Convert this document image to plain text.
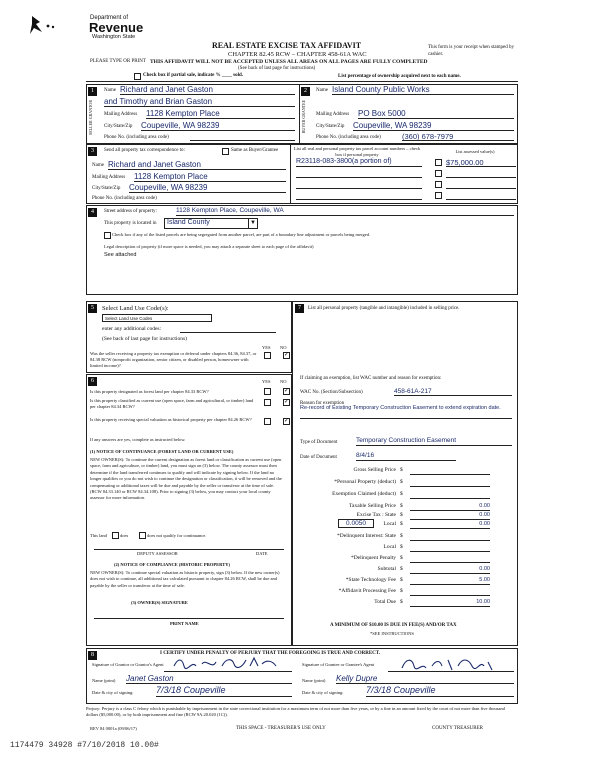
Department of
Revenue
Washington State
REAL ESTATE EXCISE TAX AFFIDAVIT
CHAPTER 82.45 RCW – CHAPTER 458-61A WAC
THIS AFFIDAVIT WILL NOT BE ACCEPTED UNLESS ALL AREAS ON ALL PAGES ARE FULLY COMPLETED
(See back of last page for instructions)
PLEASE TYPE OR PRINT
This form is your receipt when stamped by cashier.
Check box if partial sale, indicate % ____ sold.	List percentage of ownership acquired next to each name.
1	2
SELLER GRANTOR	BUYER GRANTEE
Name Richard and Janet Gaston
and Timothy and Brian Gaston
Mailing Address 1128 Kempton Place
City/State/Zip Coupeville, WA 98239
Phone No. (including area code)
Name Island County Public Works
Mailing Address PO Box 5000
City/State/Zip Coupeville, WA 98239
Phone No. (including area code)	(360) 678-7979
3	Send all property tax correspondence to:	Same as Buyer/Grantee	List all real and personal property tax parcel account numbers – check box if personal property
List assessed value(s)
Name Richard and Janet Gaston
Mailing Address 1128 Kempton Place
City/State/Zip Coupeville, WA 98239
Phone No. (including area code)
R23118-083-3800(a portion of)	$75,000.00
4	Street address of property:	1128 Kempton Place, Coupeville, WA
This property is located in	Island County	▼
Check box if any of the listed parcels are being segregated from another parcel, are part of a boundary line adjustment or parcels being merged.
Legal description of property (if more space is needed, you may attach a separate sheet to each page of the affidavit)
See attached
5	Select Land Use Code(s):
Select Land Use Codes
enter any additional codes:
(See back of last page for instructions)
YES NO
Was the seller receiving a property tax exemption or deferral under chapters 84.36, 84.37, or 84.38 RCW (nonprofit organization, senior citizen, or disabled person, homeowner with limited income)?
✓
6	YES NO
Is this property designated as forest land per chapter 84.33 RCW?	✓
Is this property classified as current use (open space, farm and agricultural, or timber) land per chapter 84.34 RCW?
✓
Is this property receiving special valuation as historical property per chapter 84.26 RCW?	✓
If any answers are yes, complete as instructed below.
(1) NOTICE OF CONTINUANCE (FOREST LAND OR CURRENT USE)
NEW OWNER(S): To continue the current designation as forest land or classification as current use (open space, farm and agriculture, or timber) land, you must sign on (3) below. The county assessor must then determine if the land transferred continues to qualify and will indicate by signing below. If the land no longer qualifies or you do not wish to continue the designation or classification, it will be removed and the compensating or additional taxes will be due and payable by the seller or transferor at the time of sale. (RCW 84.33.140 or RCW 84.34.108). Prior to signing (3) below, you may contact your local county assessor for more information.
This land	does	does not qualify for continuance.
DEPUTY ASSESSOR	DATE
(2) NOTICE OF COMPLIANCE (HISTORIC PROPERTY)
NEW OWNER(S): To continue special valuation as historic property, sign (3) below. If the new owner(s) does not wish to continue, all additional tax calculated pursuant to chapter 84.26 RCW, shall be due and payable by the seller or transferor at the time of sale.
(3) OWNER(S) SIGNATURE
PRINT NAME
7	List all personal property (tangible and intangible) included in selling price.
If claiming an exemption, list WAC number and reason for exemption:
WAC No. (Section/Subsection)	458-61A-217
Reason for exemption
Re-record of Existing Temporary Construction Easement to extend expiration date.
Type of Document	Temporary Construction Easement
Date of Document	8/4/16
Gross Selling Price $
*Personal Property (deduct) $
Exemption Claimed (deduct) $
Taxable Selling Price $	0.00
Excise Tax : State $	0.00
0.0050	Local $	0.00
*Delinquent Interest: State $
Local $
*Delinquent Penalty $
Subtotal $	0.00
*State Technology Fee $	5.00
*Affidavit Processing Fee $
Total Due $	10.00
A MINIMUM OF $10.00 IS DUE IN FEE(S) AND/OR TAX
*SEE INSTRUCTIONS
8	I CERTIFY UNDER PENALTY OF PERJURY THAT THE FOREGOING IS TRUE AND CORRECT.
Signature of Grantor or Grantor's Agent
Name (print) Janet Gaston
Date & city of signing:	7/3/18 Coupeville
Signature of Grantee or Grantee's Agent
Name (print) Kelly Dupre
Date & city of signing:	7/3/18 Coupeville
Perjury: Perjury is a class C felony which is punishable by imprisonment in the state correctional institution for a maximum term of not more than five years, or by a fine in an amount fixed by the court of not more than five thousand dollars ($5,000.00), or by both imprisonment and fine (RCW 9A.20.020 (1C)).
REV 84 0001a (09/06/17)	THIS SPACE - TREASURER'S USE ONLY	COUNTY TREASURER
1174479 34928 #7/10/2018 10.00#
